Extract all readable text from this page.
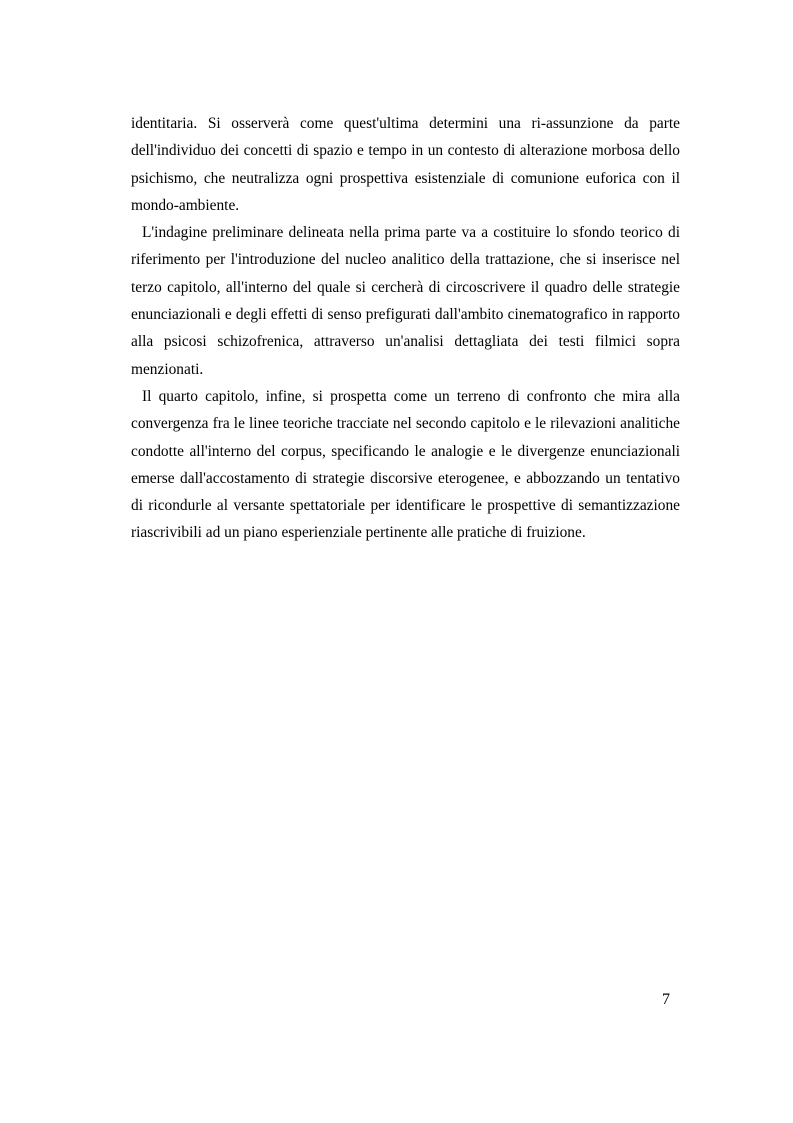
identitaria. Si osserverà come quest'ultima determini una ri-assunzione da parte dell'individuo dei concetti di spazio e tempo in un contesto di alterazione morbosa dello psichismo, che neutralizza ogni prospettiva esistenziale di comunione euforica con il mondo-ambiente.

L'indagine preliminare delineata nella prima parte va a costituire lo sfondo teorico di riferimento per l'introduzione del nucleo analitico della trattazione, che si inserisce nel terzo capitolo, all'interno del quale si cercherà di circoscrivere il quadro delle strategie enunciazionali e degli effetti di senso prefigurati dall'ambito cinematografico in rapporto alla psicosi schizofrenica, attraverso un'analisi dettagliata dei testi filmici sopra menzionati.

Il quarto capitolo, infine, si prospetta come un terreno di confronto che mira alla convergenza fra le linee teoriche tracciate nel secondo capitolo e le rilevazioni analitiche condotte all'interno del corpus, specificando le analogie e le divergenze enunciazionali emerse dall'accostamento di strategie discorsive eterogenee, e abbozzando un tentativo di ricondurle al versante spettatoriale per identificare le prospettive di semantizzazione riascrivibili ad un piano esperienziale pertinente alle pratiche di fruizione.

7
